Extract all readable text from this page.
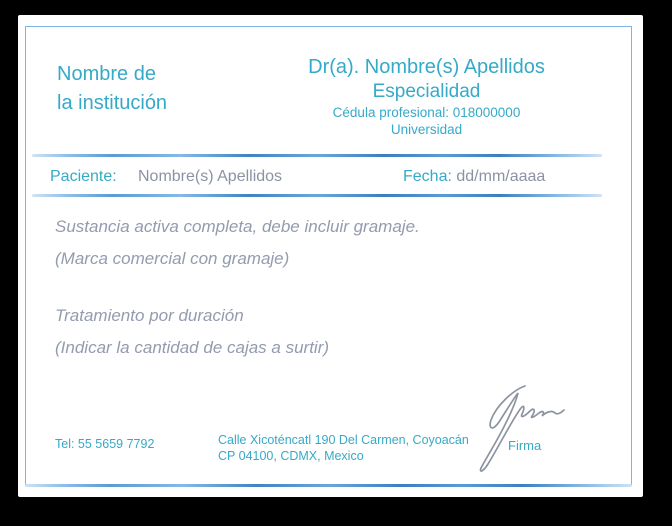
Nombre de
la institución
Dr(a). Nombre(s) Apellidos
Especialidad
Cédula profesional: 018000000
Universidad
Paciente: Nombre(s) Apellidos	Fecha: dd/mm/aaaa
Sustancia activa completa, debe incluir gramaje.
(Marca comercial con gramaje)
Tratamiento por duración
(Indicar la cantidad de cajas a surtir)
Firma
Tel: 55 5659 7792	Calle Xicoténcatl 190 Del Carmen, Coyoacán
CP 04100, CDMX, Mexico
